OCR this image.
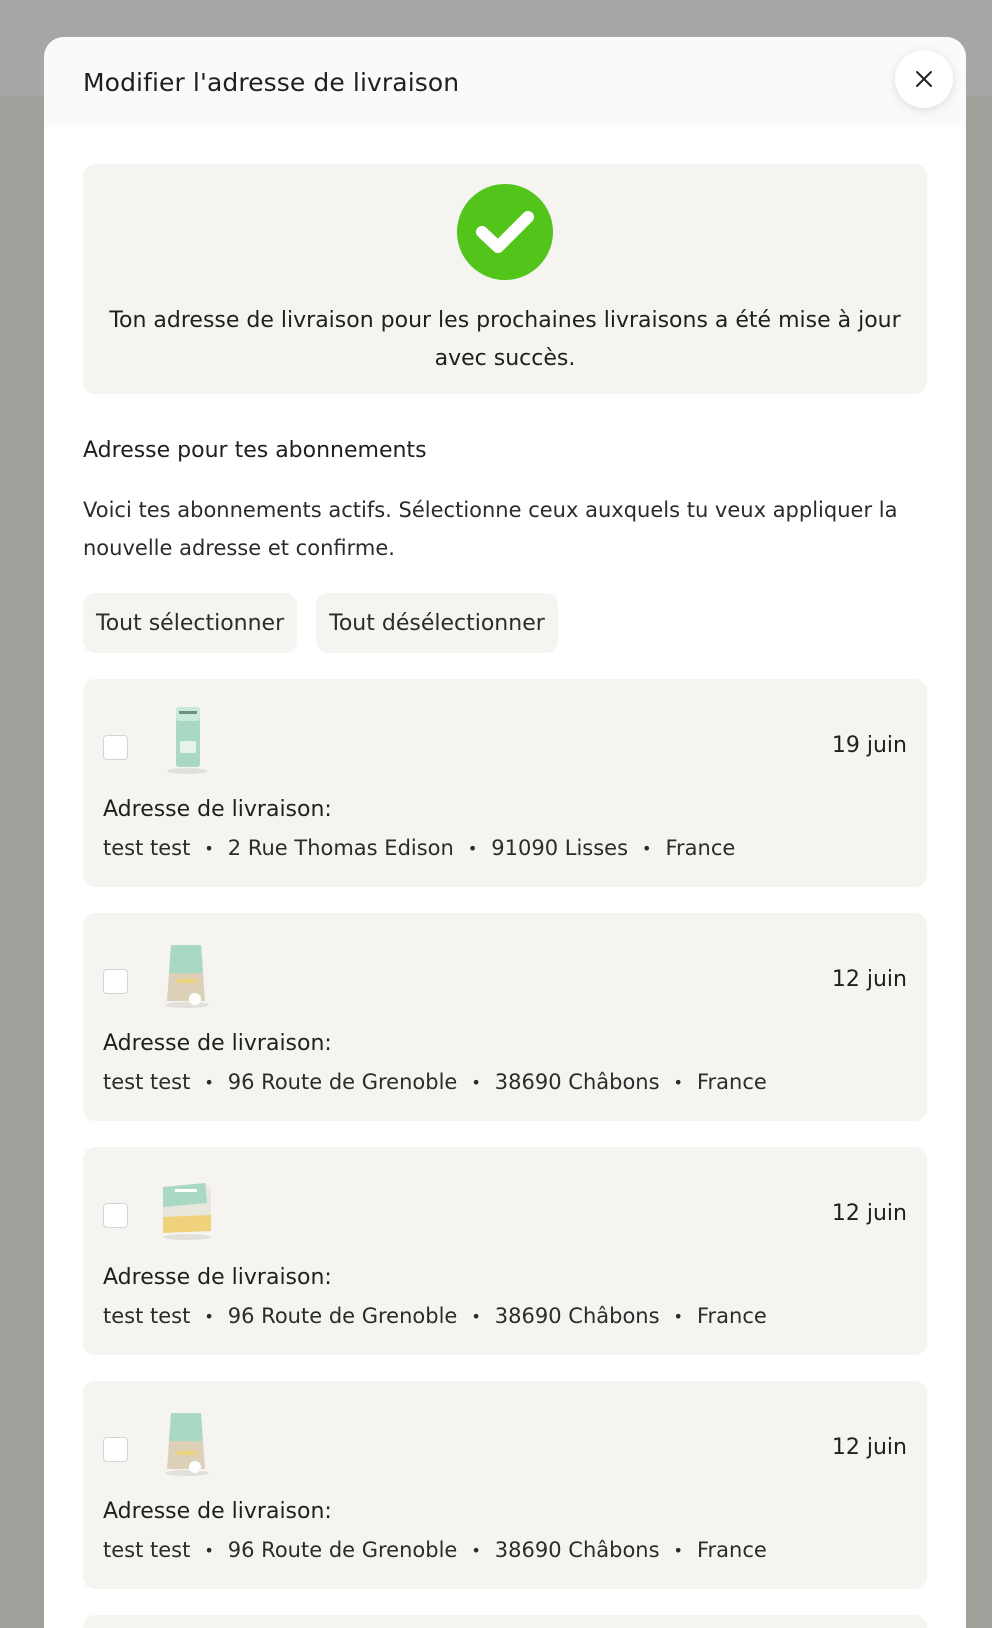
Modifier l'adresse de livraison

Ton adresse de livraison pour les prochaines livraisons a été mise à jour avec succès.

Adresse pour tes abonnements

Voici tes abonnements actifs. Sélectionne ceux auxquels tu veux appliquer la nouvelle adresse et confirme.

Tout sélectionner	Tout désélectionner
19 juin
Adresse de livraison:
test test • 2 Rue Thomas Edison • 91090 Lisses • France
12 juin
Adresse de livraison:
test test • 96 Route de Grenoble • 38690 Châbons • France
12 juin
Adresse de livraison:
test test • 96 Route de Grenoble • 38690 Châbons • France
12 juin
Adresse de livraison:
test test • 96 Route de Grenoble • 38690 Châbons • France
